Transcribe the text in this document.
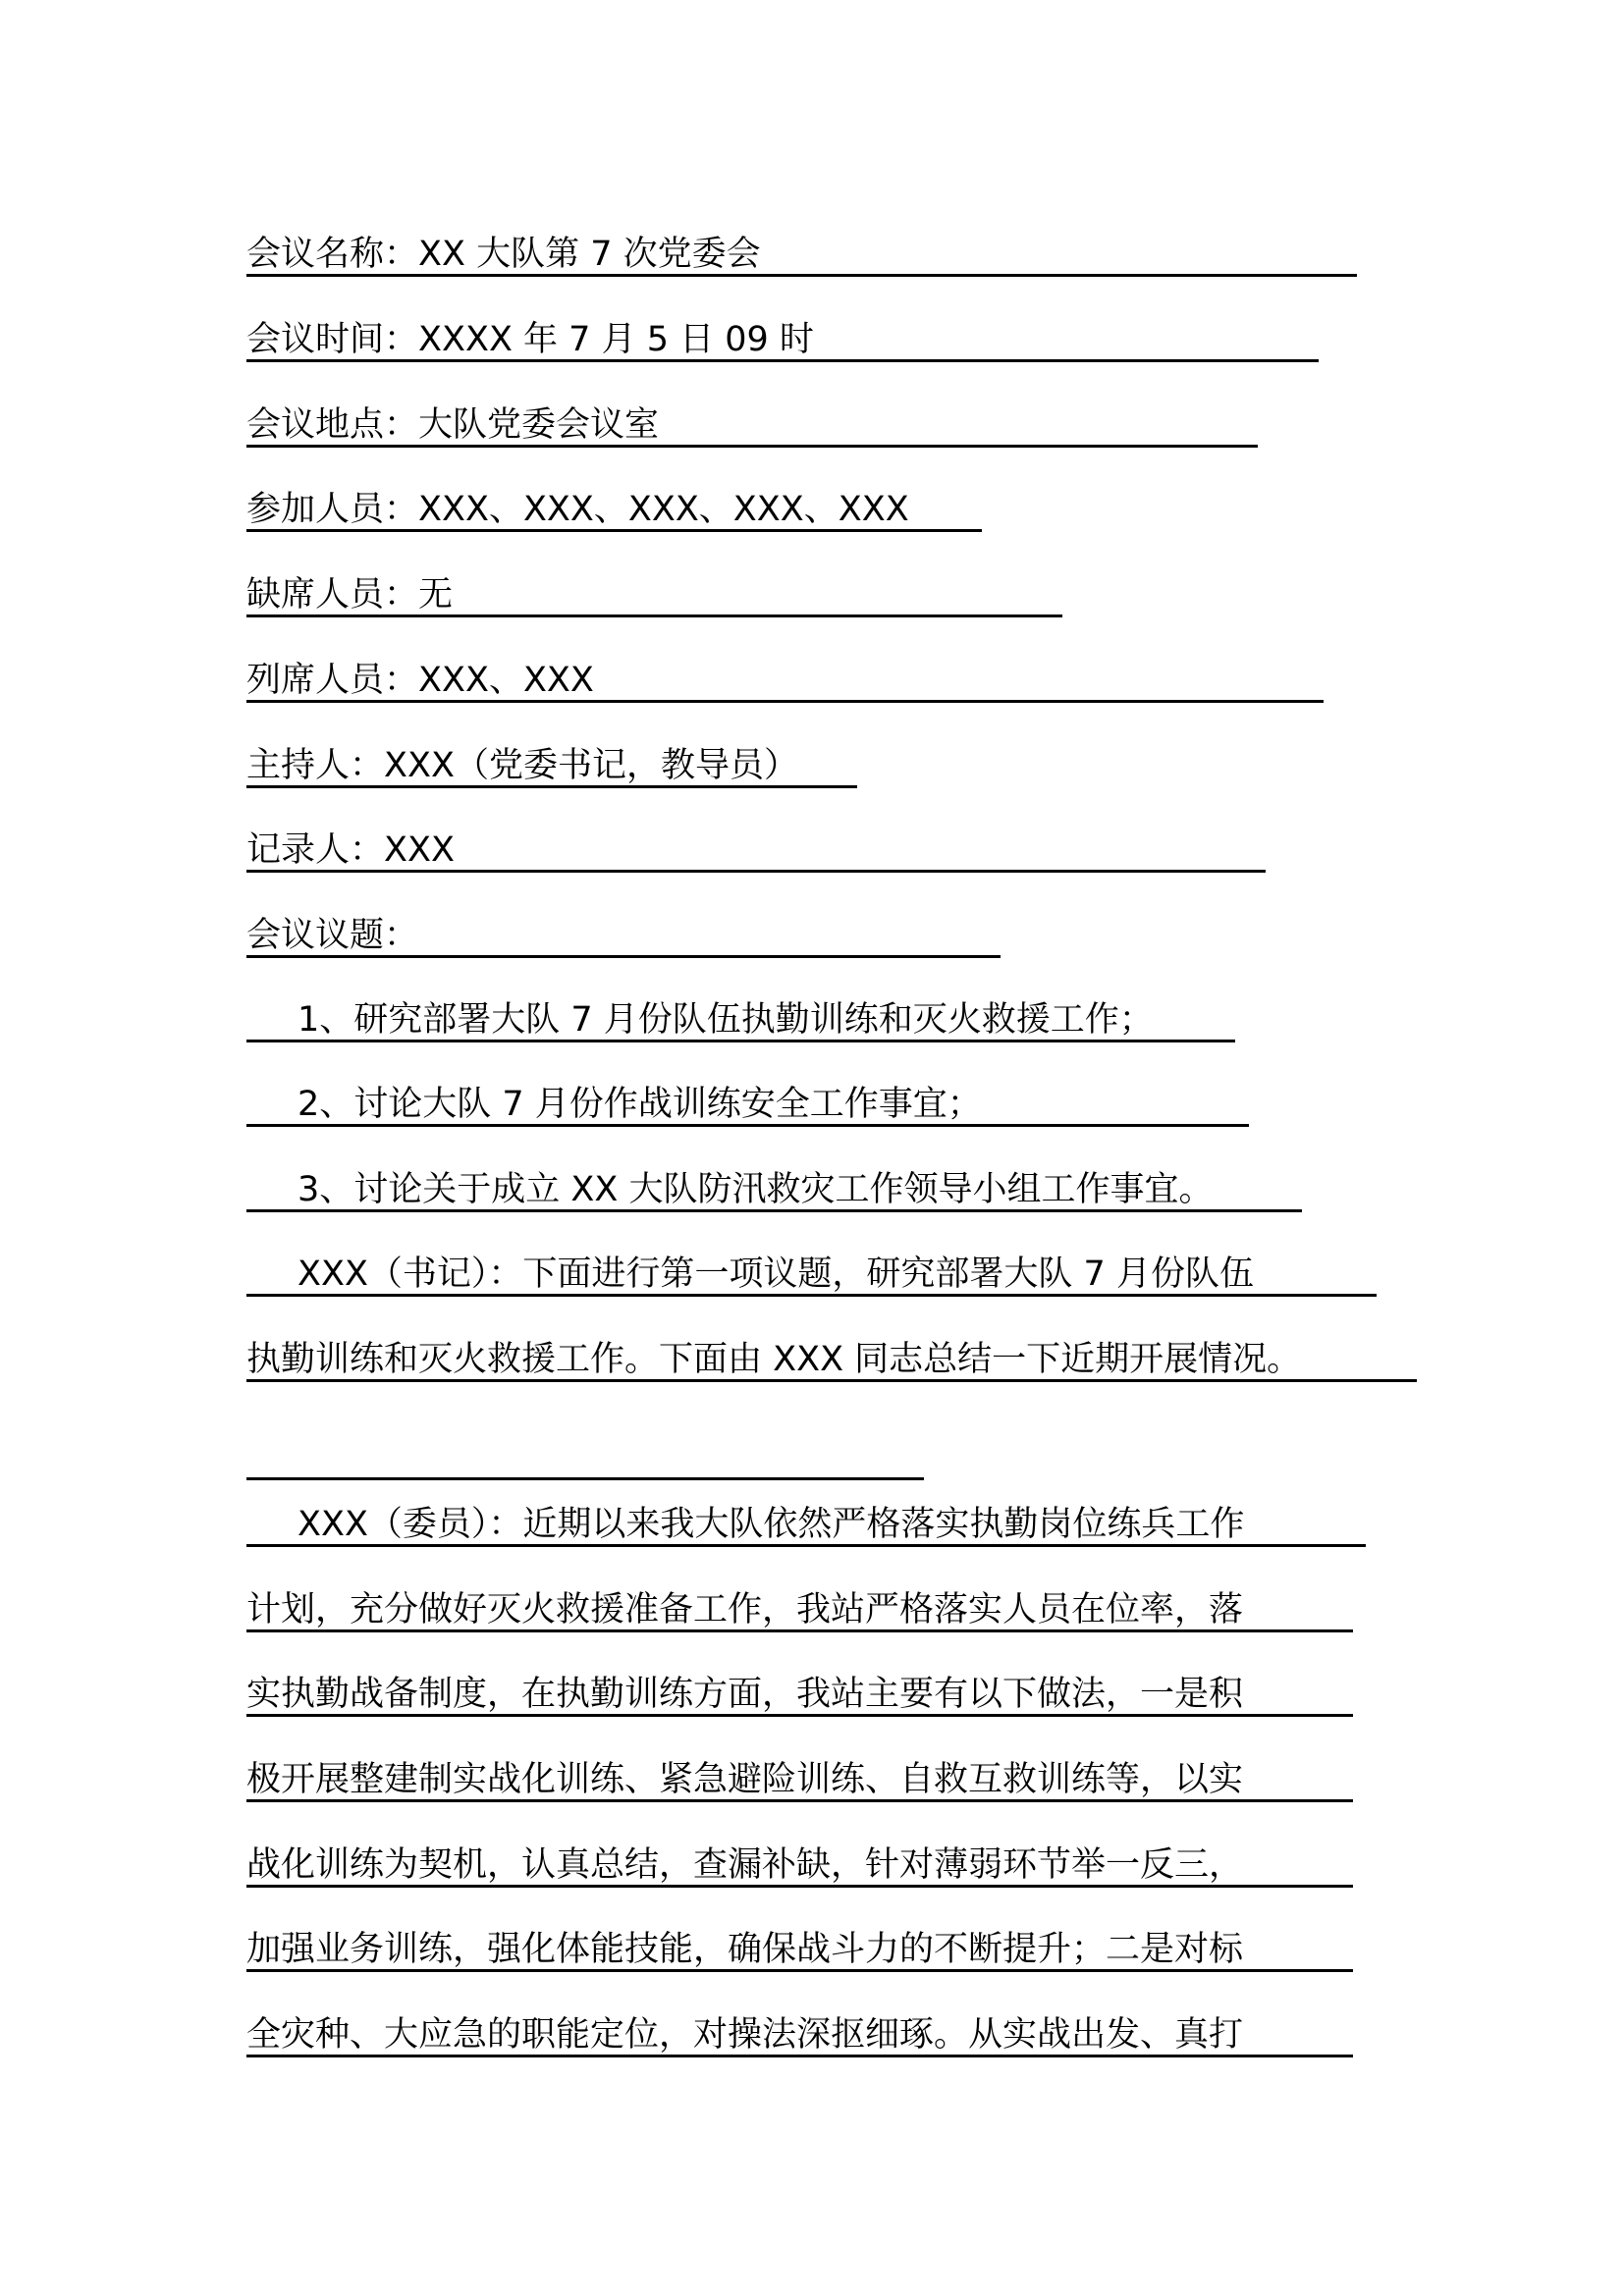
会议名称：XX 大队第 7 次党委会
会议时间：XXXX 年 7 月 5 日 09 时
会议地点：大队党委会议室
参加人员：XXX、XXX、XXX、XXX、XXX
缺席人员：无
列席人员：XXX、XXX
主持人：XXX（党委书记，教导员）
记录人：XXX
会议议题：
1、研究部署大队 7 月份队伍执勤训练和灭火救援工作；
2、讨论大队 7 月份作战训练安全工作事宜；
3、讨论关于成立 XX 大队防汛救灾工作领导小组工作事宜。
XXX（书记）：下面进行第一项议题，研究部署大队 7 月份队伍
执勤训练和灭火救援工作。下面由 XXX 同志总结一下近期开展情况。
XXX（委员）：近期以来我大队依然严格落实执勤岗位练兵工作
计划，充分做好灭火救援准备工作，我站严格落实人员在位率，落
实执勤战备制度，在执勤训练方面，我站主要有以下做法，一是积
极开展整建制实战化训练、紧急避险训练、自救互救训练等，以实
战化训练为契机，认真总结，查漏补缺，针对薄弱环节举一反三，
加强业务训练，强化体能技能，确保战斗力的不断提升；二是对标
全灾种、大应急的职能定位，对操法深抠细琢。从实战出发、真打
